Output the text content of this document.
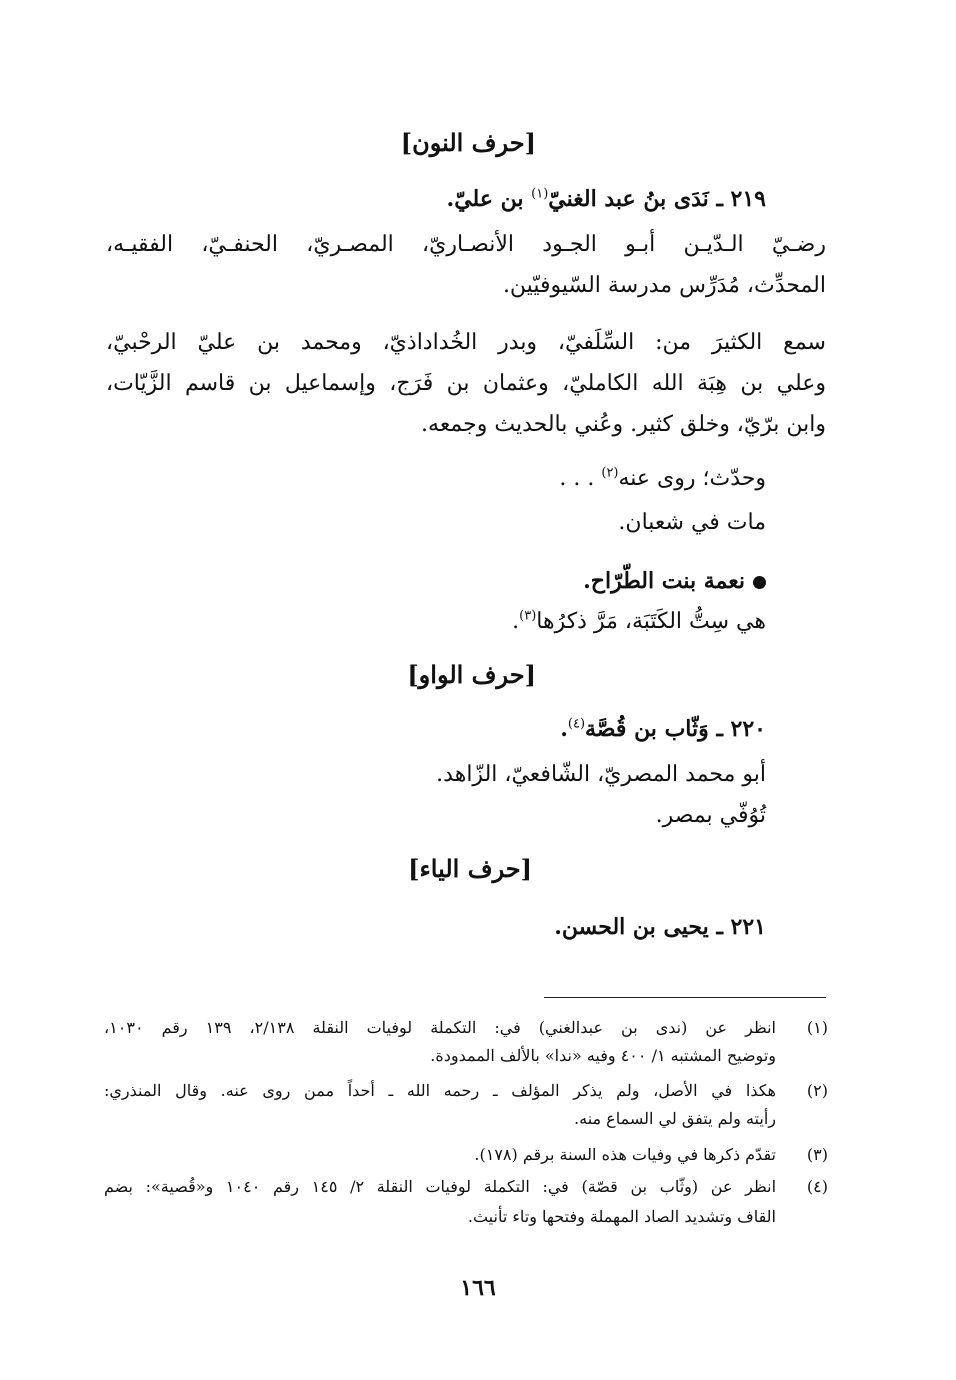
[حرف النون]
٢١٩ ـ نَدَى بنُ عبد الغنيّ$^{(١)}$ بن عليّ.
رضـيّ الـدّيـن أبـو الجـود الأنصـاريّ، المصـريّ، الحنفـيّ، الفقيـه،
المحدِّث، مُدَرِّس مدرسة السّيوفيّين.
سمع الكثيرَ من: السِّلَفيّ، وبدر الخُداداذيّ، ومحمد بن عليّ الرحْبيّ،
وعلي بن هِبَة الله الكامليّ، وعثمان بن فَرَج، وإسماعيل بن قاسم الزَّيّات،
وابن برّيّ، وخلق كثير. وعُني بالحديث وجمعه.
وحدّث؛ روى عنه$^{(٢)}$ . . .
مات في شعبان.
نعمة بنت الطّرّاح.
هي سِتُّ الكَتَبَة، مَرَّ ذكرُها$^{(٣)}$.
[حرف الواو]
٢٢٠ ـ وَثّاب بن قُصَّة$^{(٤)}$.
أبو محمد المصريّ، الشّافعيّ، الزّاهد.
تُوُفّي بمصر.
[حرف الياء]
٢٢١ ـ يحيى بن الحسن.
(١)
انظر عن (ندى بن عبدالغني) في: التكملة لوفيات النقلة ٢/١٣٨، ١٣٩ رقم ١٠٣٠،
وتوضيح المشتبه ١/ ٤٠٠ وفيه «ندا» بالألف الممدودة.
(٢)
هكذا في الأصل، ولم يذكر المؤلف ـ رحمه الله ـ أحداً ممن روى عنه. وقال المنذري:
رأيته ولم يتفق لي السماع منه.
(٣)
تقدّم ذكرها في وفيات هذه السنة برقم (١٧٨).
(٤)
انظر عن (وثّاب بن قصّة) في: التكملة لوفيات النقلة ٢/ ١٤٥ رقم ١٠٤٠ و«قُصية»: بضم
القاف وتشديد الصاد المهملة وفتحها وتاء تأنيث.
١٦٦
